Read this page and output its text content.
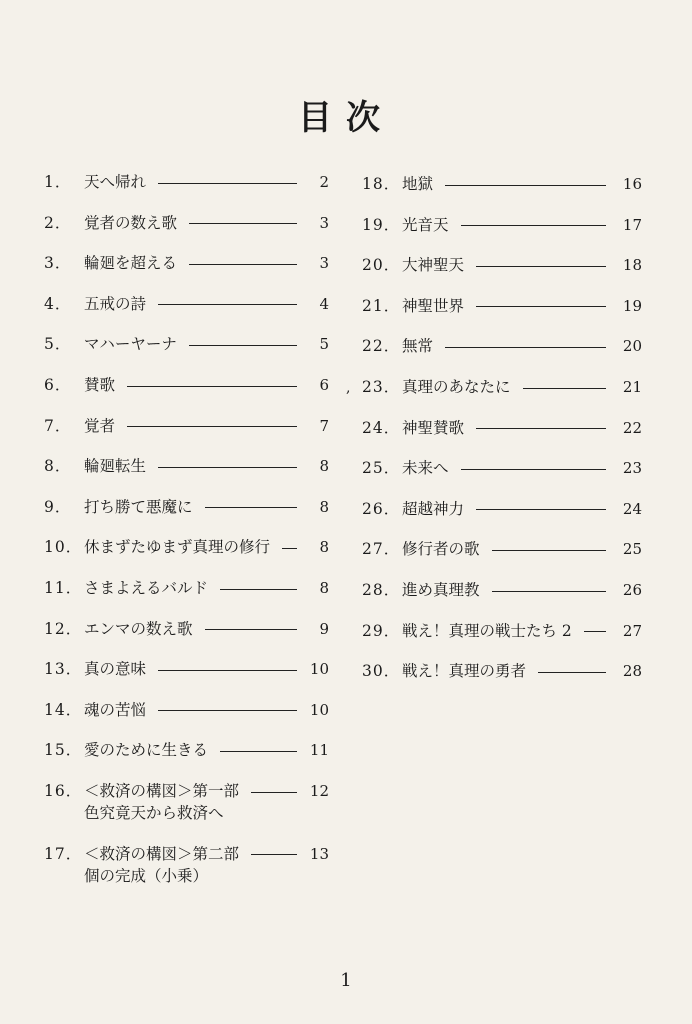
目次
1． 天へ帰れ	2
2． 覚者の数え歌	3
3． 輪廻を超える	3
4． 五戒の詩	4
5． マハーヤーナ	5
6． 賛歌	6
7． 覚者	7
8． 輪廻転生	8
9． 打ち勝て悪魔に	8
10． 休まずたゆまず真理の修行	8
11． さまよえるバルド	8
12． エンマの数え歌	9
13． 真の意味	10
14． 魂の苦悩	10
15． 愛のために生きる	11
16． ＜救済の構図＞第一部	12
色究竟天から救済へ
17． ＜救済の構図＞第二部	13
個の完成（小乗）
18． 地獄	16
19． 光音天	17
20． 大神聖天	18
21． 神聖世界	19
22． 無常	20
23． 真理のあなたに	21
24． 神聖賛歌	22
25． 未来へ	23
26． 超越神力	24
27． 修行者の歌	25
28． 進め真理教	26
29． 戦え！真理の戦士たち 2	27
30． 戦え！真理の勇者	28
,
1
